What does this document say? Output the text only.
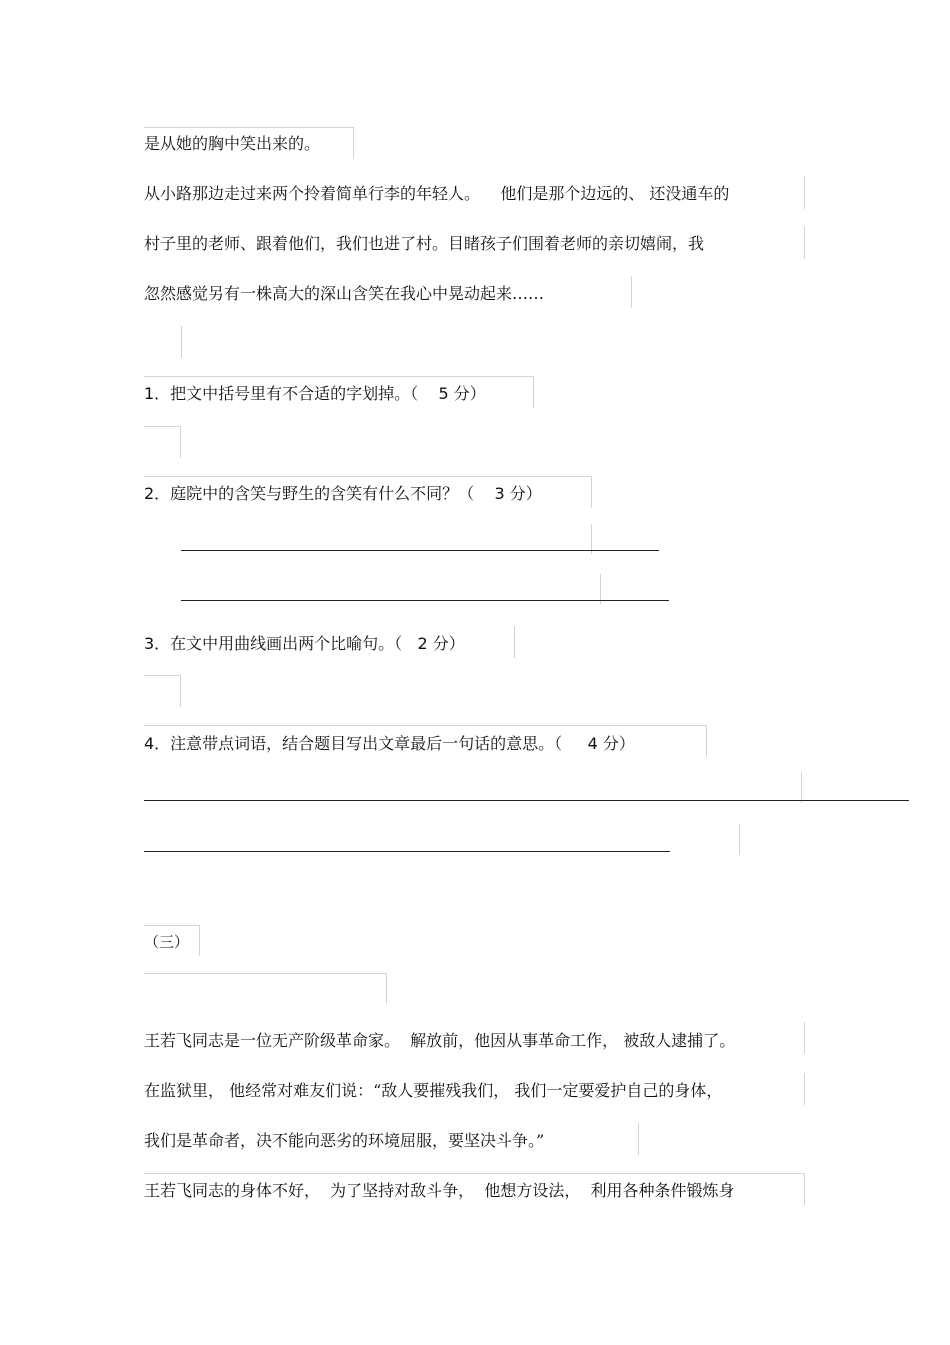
是从她的胸中笑出来的。
从小路那边走过来两个拎着简单行李的年轻人。    他们是那个边远的、 还没通车的
村子里的老师、跟着他们，我们也进了村。目睹孩子们围着老师的亲切嬉闹，我
忽然感觉另有一株高大的深山含笑在我心中晃动起来……
1．把文中括号里有不合适的字划掉。（    5 分）
2．庭院中的含笑与野生的含笑有什么不同？（    3 分）
3．在文中用曲线画出两个比喻句。（   2 分）
4．注意带点词语，结合题目写出文章最后一句话的意思。（     4 分）
（三）
王若飞同志是一位无产阶级革命家。  解放前，他因从事革命工作， 被敌人逮捕了。
在监狱里， 他经常对难友们说：“敌人要摧残我们， 我们一定要爱护自己的身体，
我们是革命者，决不能向恶劣的环境屈服，要坚决斗争。”
王若飞同志的身体不好，  为了坚持对敌斗争，  他想方设法，  利用各种条件锻炼身
